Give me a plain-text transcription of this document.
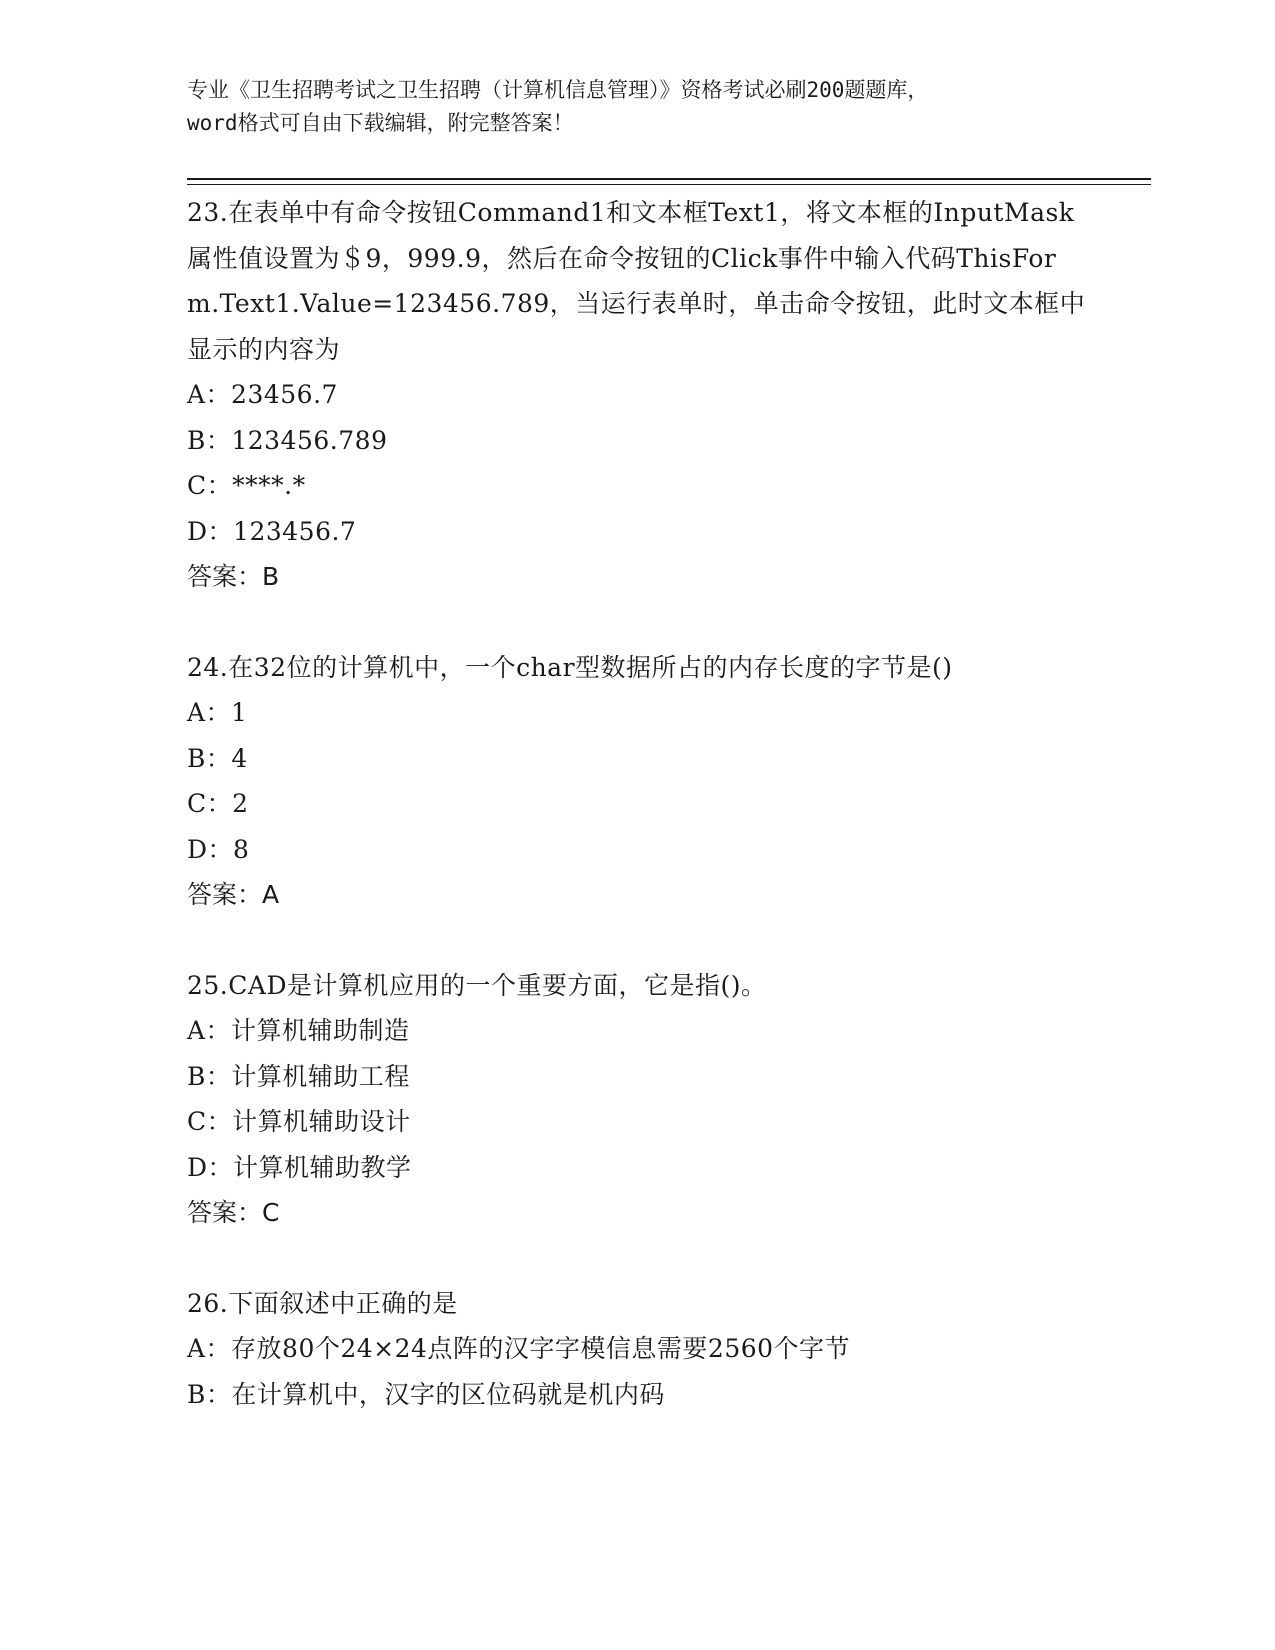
专业《卫生招聘考试之卫生招聘（计算机信息管理）》资格考试必刷200题题库，
word格式可自由下载编辑，附完整答案！

23.在表单中有命令按钮Command1和文本框Text1，将文本框的InputMask属性值设置为＄9，999.9，然后在命令按钮的Click事件中输入代码ThisForm.Text1.Value=123456.789，当运行表单时，单击命令按钮，此时文本框中显示的内容为

A：23456.7

B：123456.789

C：****.*

D：123456.7

答案：B

24.在32位的计算机中，一个char型数据所占的内存长度的字节是()

A：1

B：4

C：2

D：8

答案：A

25.CAD是计算机应用的一个重要方面，它是指()。

A：计算机辅助制造

B：计算机辅助工程

C：计算机辅助设计

D：计算机辅助教学

答案：C

26.下面叙述中正确的是

A：存放80个24×24点阵的汉字字模信息需要2560个字节

B：在计算机中，汉字的区位码就是机内码
